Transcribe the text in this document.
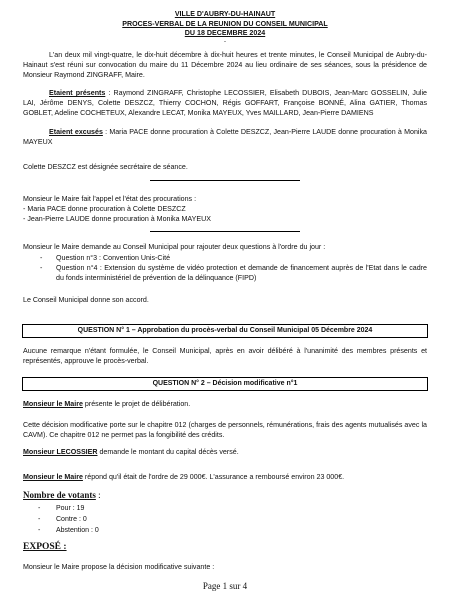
VILLE D'AUBRY-DU-HAINAUT
PROCES-VERBAL DE LA REUNION DU CONSEIL MUNICIPAL
DU 18 DECEMBRE 2024
-
L'an deux mil vingt-quatre, le dix-huit décembre à dix-huit heures et trente minutes, le Conseil Municipal de Aubry-du-Hainaut s'est réuni sur convocation du maire du 11 Décembre 2024 au lieu ordinaire de ses séances, sous la présidence de Monsieur Raymond ZINGRAFF, Maire.
Etaient présents : Raymond ZINGRAFF, Christophe LECOSSIER, Elisabeth DUBOIS, Jean-Marc GOSSELIN, Julie LAI, Jérôme DENYS, Colette DESZCZ, Thierry COCHON, Régis GOFFART, Françoise BONNÉ, Alina GATIER, Thomas GOBLET, Adeline COCHETEUX, Alexandre LECAT, Monika MAYEUX, Yves MAILLARD, Jean-Pierre DAMIENS
Etaient excusés : Maria PACE donne procuration à Colette DESZCZ, Jean-Pierre LAUDE donne procuration à Monika MAYEUX
Colette DESZCZ est désignée secrétaire de séance.
Monsieur le Maire fait l'appel et l'état des procurations :
- Maria PACE donne procuration à Colette DESZCZ
- Jean-Pierre LAUDE donne procuration à Monika MAYEUX
Monsieur le Maire demande au Conseil Municipal pour rajouter deux questions à l'ordre du jour :
- Question n°3 : Convention Unis-Cité
- Question n°4 : Extension du système de vidéo protection et demande de financement auprès de l'Etat dans le cadre du fonds interministériel de prévention de la délinquance (FIPD)
Le Conseil Municipal donne son accord.
QUESTION N° 1 – Approbation du procès-verbal du Conseil Municipal 05 Décembre 2024
Aucune remarque n'étant formulée, le Conseil Municipal, après en avoir délibéré à l'unanimité des membres présents et représentés, approuve le procès-verbal.
QUESTION N° 2 – Décision modificative n°1
Monsieur le Maire présente le projet de délibération.
Cette décision modificative porte sur le chapitre 012 (charges de personnels, rémunérations, frais des agents mutualisés avec la CAVM). Ce chapitre 012 ne permet pas la fongibilité des crédits.
Monsieur LECOSSIER demande le montant du capital décès versé.
Monsieur le Maire répond qu'il était de l'ordre de 29 000€. L'assurance a remboursé environ 23 000€.
Nombre de votants :
- Pour : 19
- Contre : 0
- Abstention : 0
EXPOSÉ :
Monsieur le Maire propose la décision modificative suivante :
Page 1 sur 4
